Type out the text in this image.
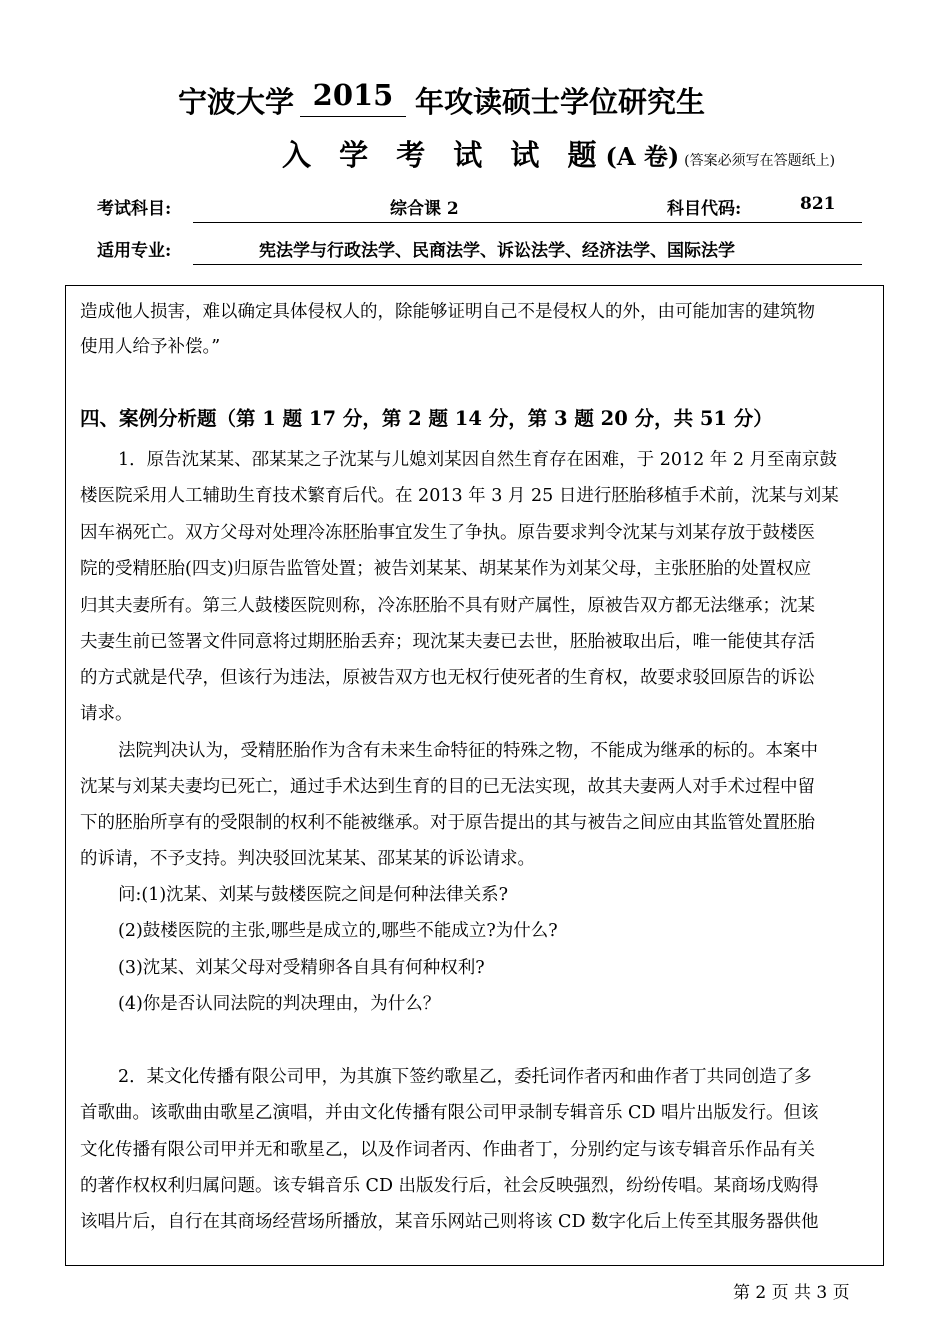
宁波大学 2015 年攻读硕士学位研究生
入 学 考 试 试 题(A 卷) (答案必须写在答题纸上)
考试科目:	综合课 2	科目代码:	821
适用专业:	宪法学与行政法学、民商法学、诉讼法学、经济法学、国际法学
造成他人损害，难以确定具体侵权人的，除能够证明自己不是侵权人的外，由可能加害的建筑物
使用人给予补偿。”
四、案例分析题（第 1 题 17 分，第 2 题 14 分，第 3 题 20 分，共 51 分）
1．原告沈某某、邵某某之子沈某与儿媳刘某因自然生育存在困难，于 2012 年 2 月至南京鼓
楼医院采用人工辅助生育技术繁育后代。在 2013 年 3 月 25 日进行胚胎移植手术前，沈某与刘某
因车祸死亡。双方父母对处理冷冻胚胎事宜发生了争执。原告要求判令沈某与刘某存放于鼓楼医
院的受精胚胎(四支)归原告监管处置；被告刘某某、胡某某作为刘某父母，主张胚胎的处置权应
归其夫妻所有。第三人鼓楼医院则称，冷冻胚胎不具有财产属性，原被告双方都无法继承；沈某
夫妻生前已签署文件同意将过期胚胎丢弃；现沈某夫妻已去世，胚胎被取出后，唯一能使其存活
的方式就是代孕，但该行为违法，原被告双方也无权行使死者的生育权，故要求驳回原告的诉讼
请求。
法院判决认为，受精胚胎作为含有未来生命特征的特殊之物，不能成为继承的标的。本案中
沈某与刘某夫妻均已死亡，通过手术达到生育的目的已无法实现，故其夫妻两人对手术过程中留
下的胚胎所享有的受限制的权利不能被继承。对于原告提出的其与被告之间应由其监管处置胚胎
的诉请，不予支持。判决驳回沈某某、邵某某的诉讼请求。
问:(1)沈某、刘某与鼓楼医院之间是何种法律关系?
(2)鼓楼医院的主张,哪些是成立的,哪些不能成立?为什么?
(3)沈某、刘某父母对受精卵各自具有何种权利?
(4)你是否认同法院的判决理由，为什么？
2．某文化传播有限公司甲，为其旗下签约歌星乙，委托词作者丙和曲作者丁共同创造了多
首歌曲。该歌曲由歌星乙演唱，并由文化传播有限公司甲录制专辑音乐 CD 唱片出版发行。但该
文化传播有限公司甲并无和歌星乙，以及作词者丙、作曲者丁，分别约定与该专辑音乐作品有关
的著作权权利归属问题。该专辑音乐 CD 出版发行后，社会反映强烈，纷纷传唱。某商场戊购得
该唱片后，自行在其商场经营场所播放，某音乐网站己则将该 CD 数字化后上传至其服务器供他
第 2 页 共 3 页
